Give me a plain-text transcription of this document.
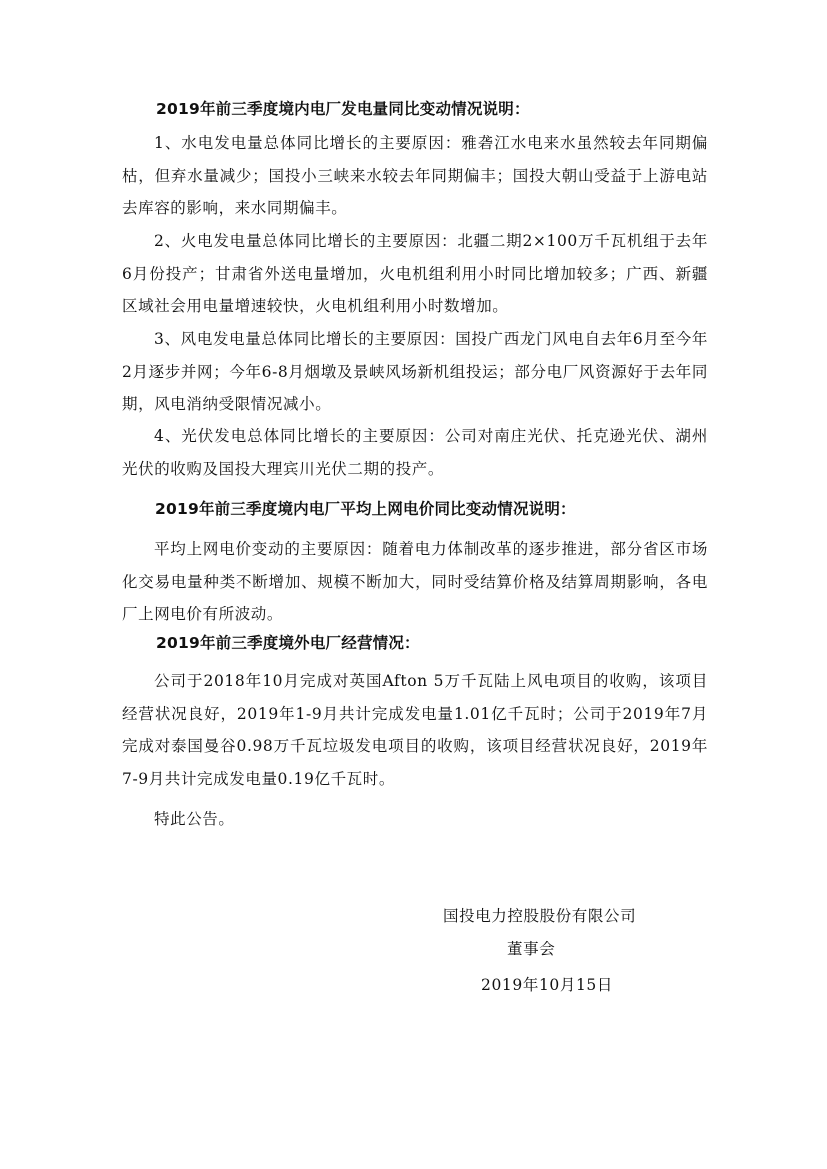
2019年前三季度境内电厂发电量同比变动情况说明：
1、水电发电量总体同比增长的主要原因：雅砻江水电来水虽然较去年同期偏枯，但弃水量减少；国投小三峡来水较去年同期偏丰；国投大朝山受益于上游电站去库容的影响，来水同期偏丰。
2、火电发电量总体同比增长的主要原因：北疆二期2×100万千瓦机组于去年6月份投产；甘肃省外送电量增加，火电机组利用小时同比增加较多；广西、新疆区域社会用电量增速较快，火电机组利用小时数增加。
3、风电发电量总体同比增长的主要原因：国投广西龙门风电自去年6月至今年2月逐步并网；今年6-8月烟墩及景峡风场新机组投运；部分电厂风资源好于去年同期，风电消纳受限情况减小。
4、光伏发电总体同比增长的主要原因：公司对南庄光伏、托克逊光伏、湖州光伏的收购及国投大理宾川光伏二期的投产。
2019年前三季度境内电厂平均上网电价同比变动情况说明：
平均上网电价变动的主要原因：随着电力体制改革的逐步推进，部分省区市场化交易电量种类不断增加、规模不断加大，同时受结算价格及结算周期影响，各电厂上网电价有所波动。
2019年前三季度境外电厂经营情况：
公司于2018年10月完成对英国Afton 5万千瓦陆上风电项目的收购，该项目经营状况良好，2019年1-9月共计完成发电量1.01亿千瓦时；公司于2019年7月完成对泰国曼谷0.98万千瓦垃圾发电项目的收购，该项目经营状况良好，2019年7-9月共计完成发电量0.19亿千瓦时。
特此公告。
国投电力控股股份有限公司
董事会
2019年10月15日
